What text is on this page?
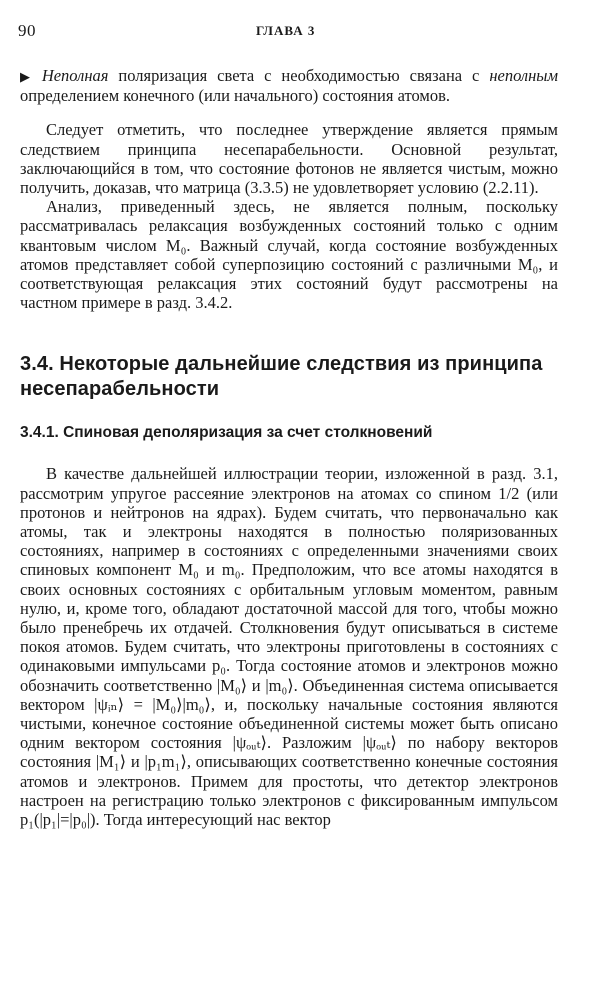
90	ГЛАВА 3

▶ Неполная поляризация света с необходимостью связана с неполным определением конечного (или начального) состояния атомов.

Следует отметить, что последнее утверждение является прямым следствием принципа несепарабельности. Основной результат, заключающийся в том, что состояние фотонов не является чистым, можно получить, доказав, что матрица (3.3.5) не удовлетворяет условию (2.2.11).

Анализ, приведенный здесь, не является полным, поскольку рассматривалась релаксация возбужденных состояний только с одним квантовым числом M₀. Важный случай, когда состояние возбужденных атомов представляет собой суперпозицию состояний с различными M₀, и соответствующая релаксация этих состояний будут рассмотрены на частном примере в разд. 3.4.2.

3.4. Некоторые дальнейшие следствия из принципа несепарабельности
3.4.1. Спиновая деполяризация за счет столкновений

В качестве дальнейшей иллюстрации теории, изложенной в разд. 3.1, рассмотрим упругое рассеяние электронов на атомах со спином 1/2 (или протонов и нейтронов на ядрах). Будем считать, что первоначально как атомы, так и электроны находятся в полностью поляризованных состояниях, например в состояниях с определенными значениями своих спиновых компонент M₀ и m₀. Предположим, что все атомы находятся в своих основных состояниях с орбитальным угловым моментом, равным нулю, и, кроме того, обладают достаточной массой для того, чтобы можно было пренебречь их отдачей. Столкновения будут описываться в системе покоя атомов. Будем считать, что электроны приготовлены в состояниях с одинаковыми импульсами p₀. Тогда состояние атомов и электронов можно обозначить соответственно |M₀⟩ и |m₀⟩. Объединенная система описывается вектором |ψᵢₙ⟩ = |M₀⟩|m₀⟩, и, поскольку начальные состояния являются чистыми, конечное состояние объединенной системы может быть описано одним вектором состояния |ψₒᵤₜ⟩. Разложим |ψₒᵤₜ⟩ по набору векторов состояния |M₁⟩ и |p₁m₁⟩, описывающих соответственно конечные состояния атомов и электронов. Примем для простоты, что детектор электронов настроен на регистрацию только электронов с фиксированным импульсом p₁(|p₁|=|p₀|). Тогда интересующий нас вектор
